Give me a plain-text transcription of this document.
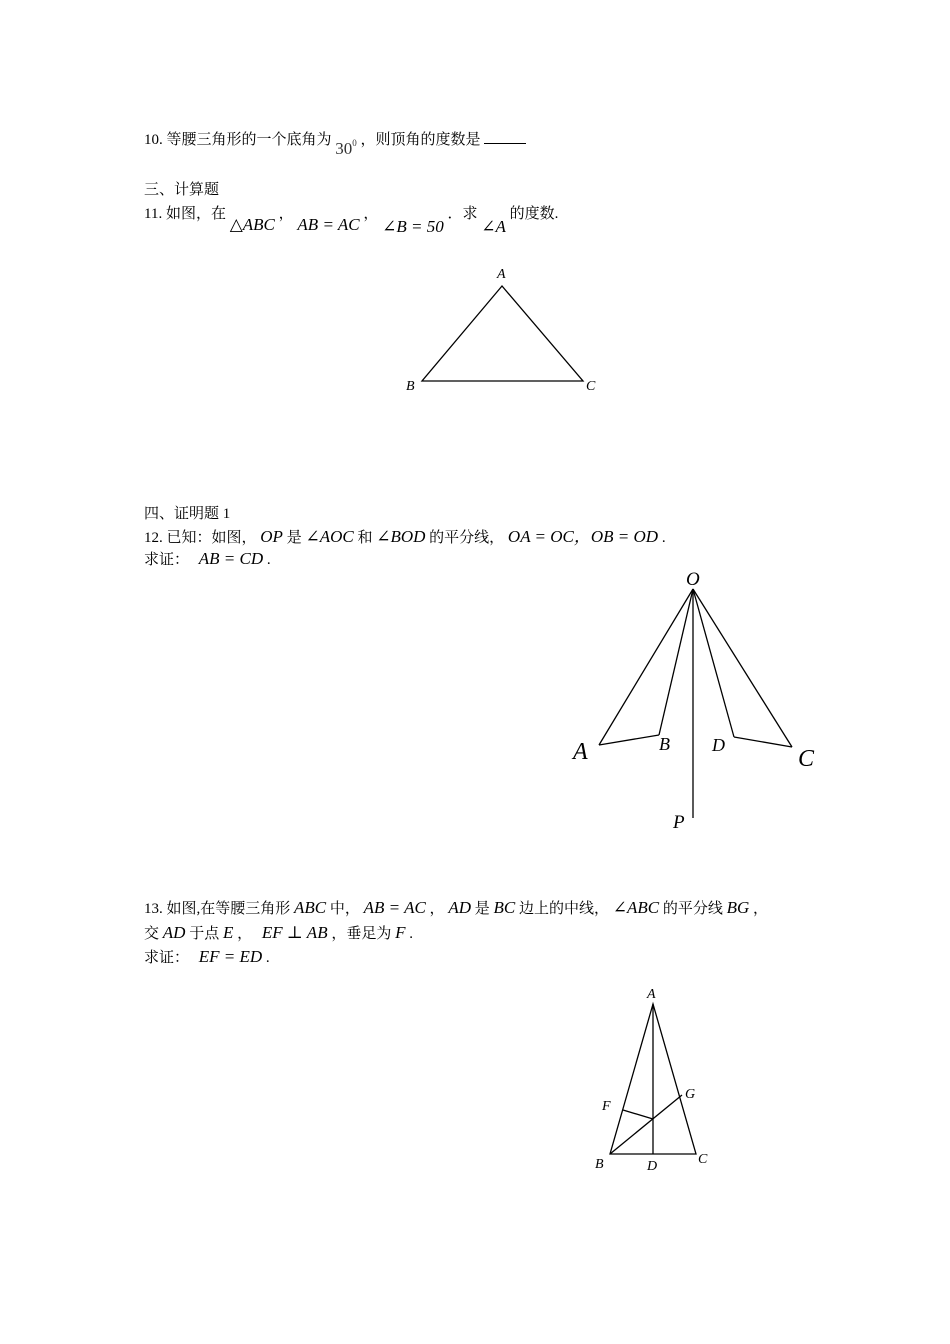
10. 等腰三角形的一个底角为 $30^0$ ，则顶角的度数是
三、计算题
11. 如图，在 △ABC ， AB = AC ， ∠B = 50 ．求 ∠A 的度数.
四、证明题 1
12. 已知：如图， OP 是 ∠AOC 和 ∠BOD 的平分线， OA = OC，OB = OD .
求证： AB = CD .
13. 如图,在等腰三角形 ABC 中， AB = AC ， AD 是 BC 边上的中线， ∠ABC 的平分线 BG ，
交 AD 于点 E ， EF ⊥ AB ，垂足为 F .
求证： EF = ED .
A
B	C
O
A	B D
C
P
A
F
G
B	D	C
